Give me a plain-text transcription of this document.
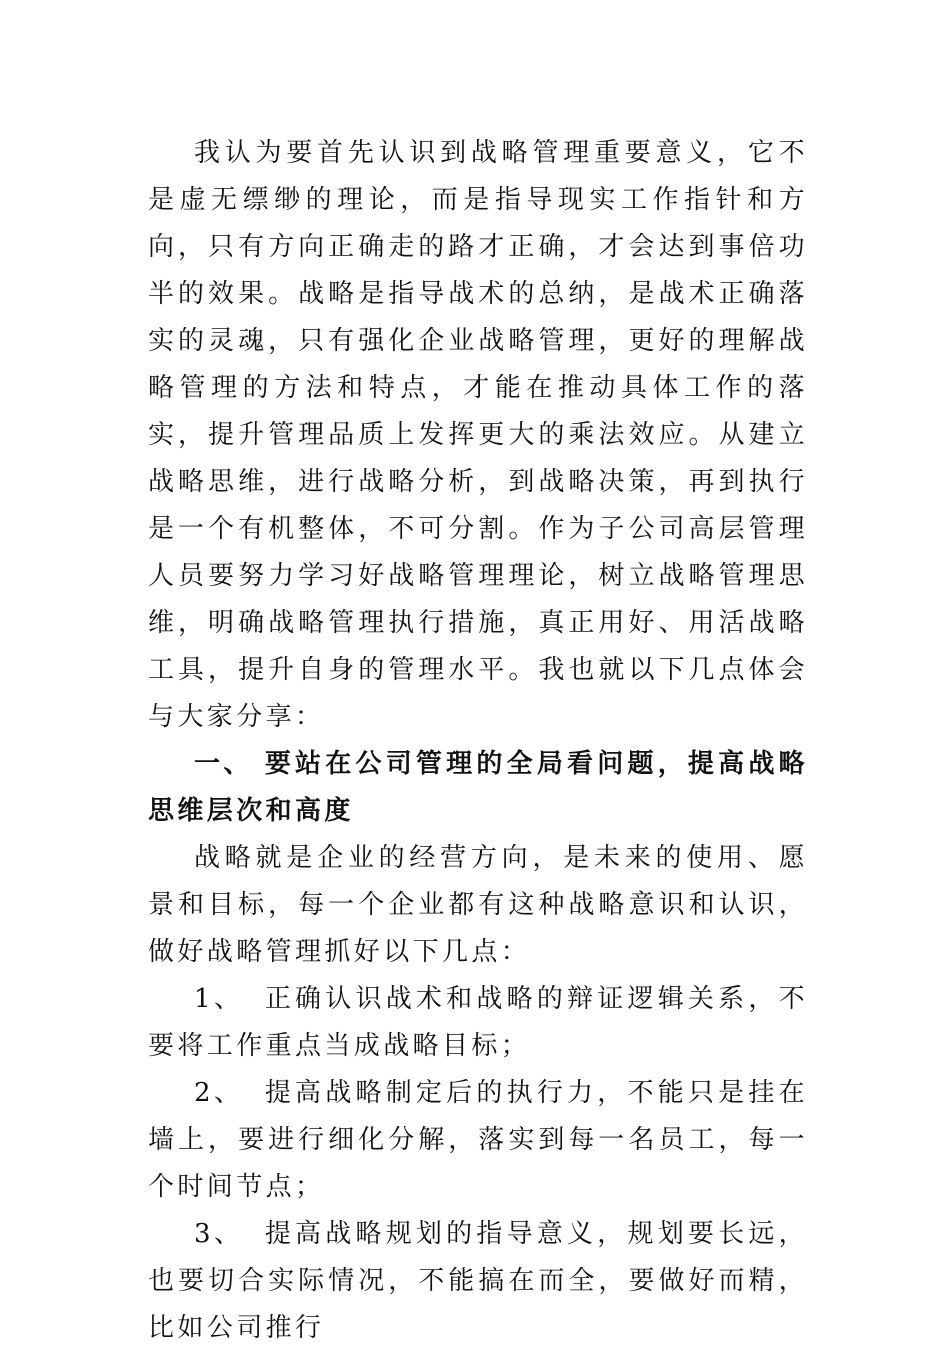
我认为要首先认识到战略管理重要意义，它不是虚无缥缈的理论，而是指导现实工作指针和方向，只有方向正确走的路才正确，才会达到事倍功半的效果。战略是指导战术的总纳，是战术正确落实的灵魂，只有强化企业战略管理，更好的理解战略管理的方法和特点，才能在推动具体工作的落实，提升管理品质上发挥更大的乘法效应。从建立战略思维，进行战略分析，到战略决策，再到执行是一个有机整体，不可分割。作为子公司高层管理人员要努力学习好战略管理理论，树立战略管理思维，明确战略管理执行措施，真正用好、用活战略工具，提升自身的管理水平。我也就以下几点体会与大家分享：

一、 要站在公司管理的全局看问题，提高战略思维层次和高度

战略就是企业的经营方向，是未来的使用、愿景和目标，每一个企业都有这种战略意识和认识，做好战略管理抓好以下几点：

1、 正确认识战术和战略的辩证逻辑关系，不要将工作重点当成战略目标；

2、 提高战略制定后的执行力，不能只是挂在墙上，要进行细化分解，落实到每一名员工，每一个时间节点；

3、 提高战略规划的指导意义，规划要长远，也要切合实际情况，不能搞在而全，要做好而精，比如公司推行
